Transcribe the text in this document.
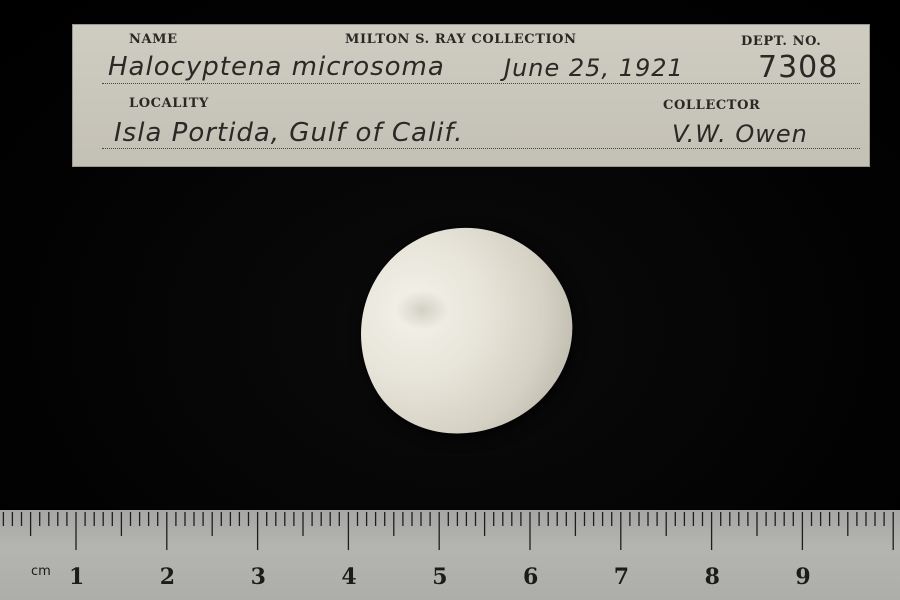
NAME	MILTON S. RAY COLLECTION	DEPT. NO.
Halocyptena microsoma June 25, 1921 7308
LOCALITY	COLLECTOR
Isla Portida, Gulf of Calif.	V.W. Owen
cm 1	2	3	4	5	6	7	8	9
